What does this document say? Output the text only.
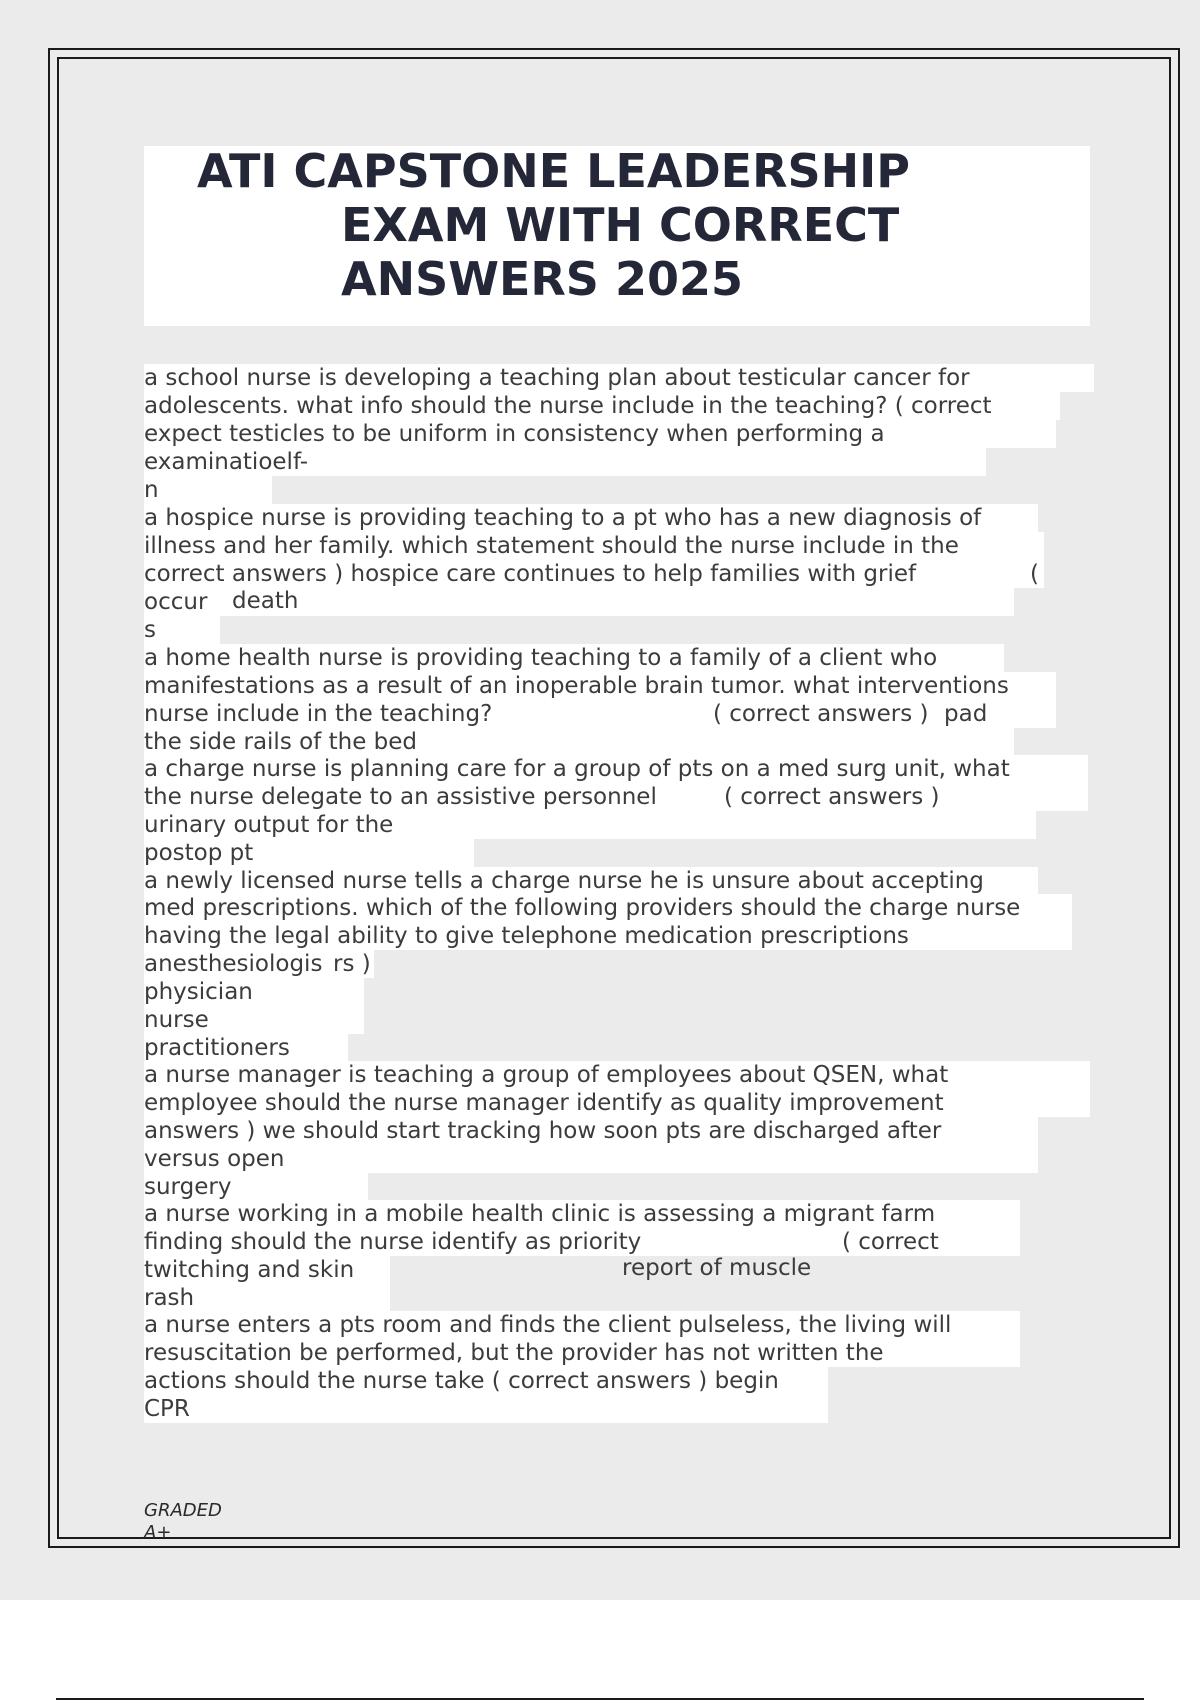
ATI CAPSTONE LEADERSHIP
EXAM WITH CORRECT
ANSWERS 2025
a school nurse is developing a teaching plan about testicular cancer for
adolescents. what info should the nurse include in the teaching? ( correct
expect testicles to be uniform in consistency when performing a
examinatioelf-
n
a hospice nurse is providing teaching to a pt who has a new diagnosis of
illness and her family. which statement should the nurse include in the
correct answers ) hospice care continues to help families with grief	(
occur	death
s
a home health nurse is providing teaching to a family of a client who
manifestations as a result of an inoperable brain tumor. what interventions
nurse include in the teaching?	( correct answers ) pad
the side rails of the bed
a charge nurse is planning care for a group of pts on a med surg unit, what
the nurse delegate to an assistive personnel	( correct answers )
urinary output for the
postop pt
a newly licensed nurse tells a charge nurse he is unsure about accepting
med prescriptions. which of the following providers should the charge nurse
having the legal ability to give telephone medication prescriptions
anesthesiologis rs )
physician
nurse
practitioners
a nurse manager is teaching a group of employees about QSEN, what
employee should the nurse manager identify as quality improvement
answers ) we should start tracking how soon pts are discharged after
versus open
surgery
a nurse working in a mobile health clinic is assessing a migrant farm
finding should the nurse identify as priority	( correct
twitching and skin	report of muscle
rash
a nurse enters a pts room and finds the client pulseless, the living will
resuscitation be performed, but the provider has not written the
actions should the nurse take ( correct answers ) begin
CPR

GRADED
A+
